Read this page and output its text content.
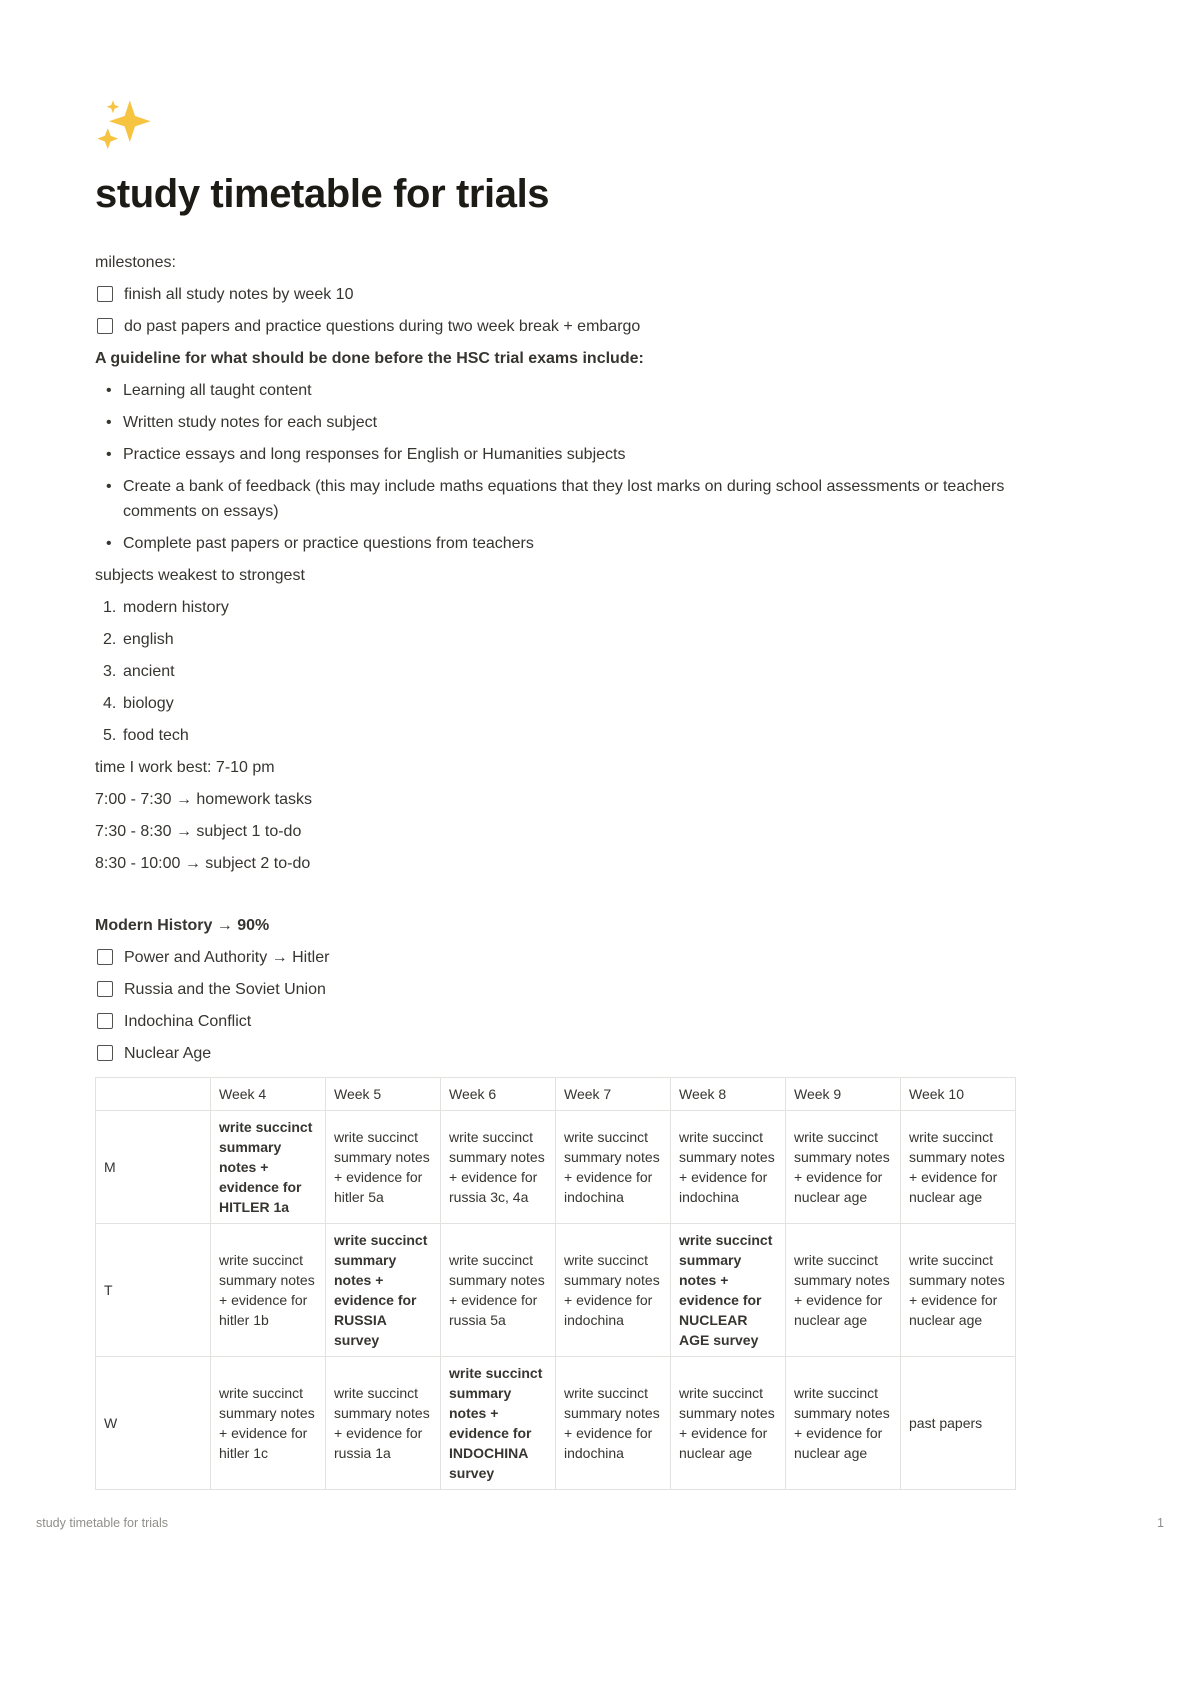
study timetable for trials

milestones:

finish all study notes by week 10
do past papers and practice questions during two week break + embargo

A guideline for what should be done before the HSC trial exams include:

• Learning all taught content
• Written study notes for each subject
• Practice essays and long responses for English or Humanities subjects
• Create a bank of feedback (this may include maths equations that they lost marks on during school assessments or teachers comments on essays)
• Complete past papers or practice questions from teachers

subjects weakest to strongest

1. modern history
2. english
3. ancient
4. biology
5. food tech

time I work best: 7-10 pm

7:00 - 7:30 → homework tasks

7:30 - 8:30 → subject 1 to-do

8:30 - 10:00 → subject 2 to-do

Modern History → 90%

Power and Authority → Hitler
Russia and the Soviet Union
Indochina Conflict
Nuclear Age
	Week 4	Week 5	Week 6	Week 7	Week 8	Week 9	Week 10
M	write succinct summary notes + evidence for HITLER 1a	write succinct summary notes + evidence for hitler 5a	write succinct summary notes + evidence for russia 3c, 4a	write succinct summary notes + evidence for indochina	write succinct summary notes + evidence for indochina	write succinct summary notes + evidence for nuclear age	write succinct summary notes + evidence for nuclear age
T	write succinct summary notes + evidence for hitler 1b	write succinct summary notes + evidence for RUSSIA survey	write succinct summary notes + evidence for russia 5a	write succinct summary notes + evidence for indochina	write succinct summary notes + evidence for NUCLEAR AGE survey	write succinct summary notes + evidence for nuclear age	write succinct summary notes + evidence for nuclear age
W	write succinct summary notes + evidence for hitler 1c	write succinct summary notes + evidence for russia 1a	write succinct summary notes + evidence for INDOCHINA survey	write succinct summary notes + evidence for indochina	write succinct summary notes + evidence for nuclear age	write succinct summary notes + evidence for nuclear age	past papers
study timetable for trials	1
